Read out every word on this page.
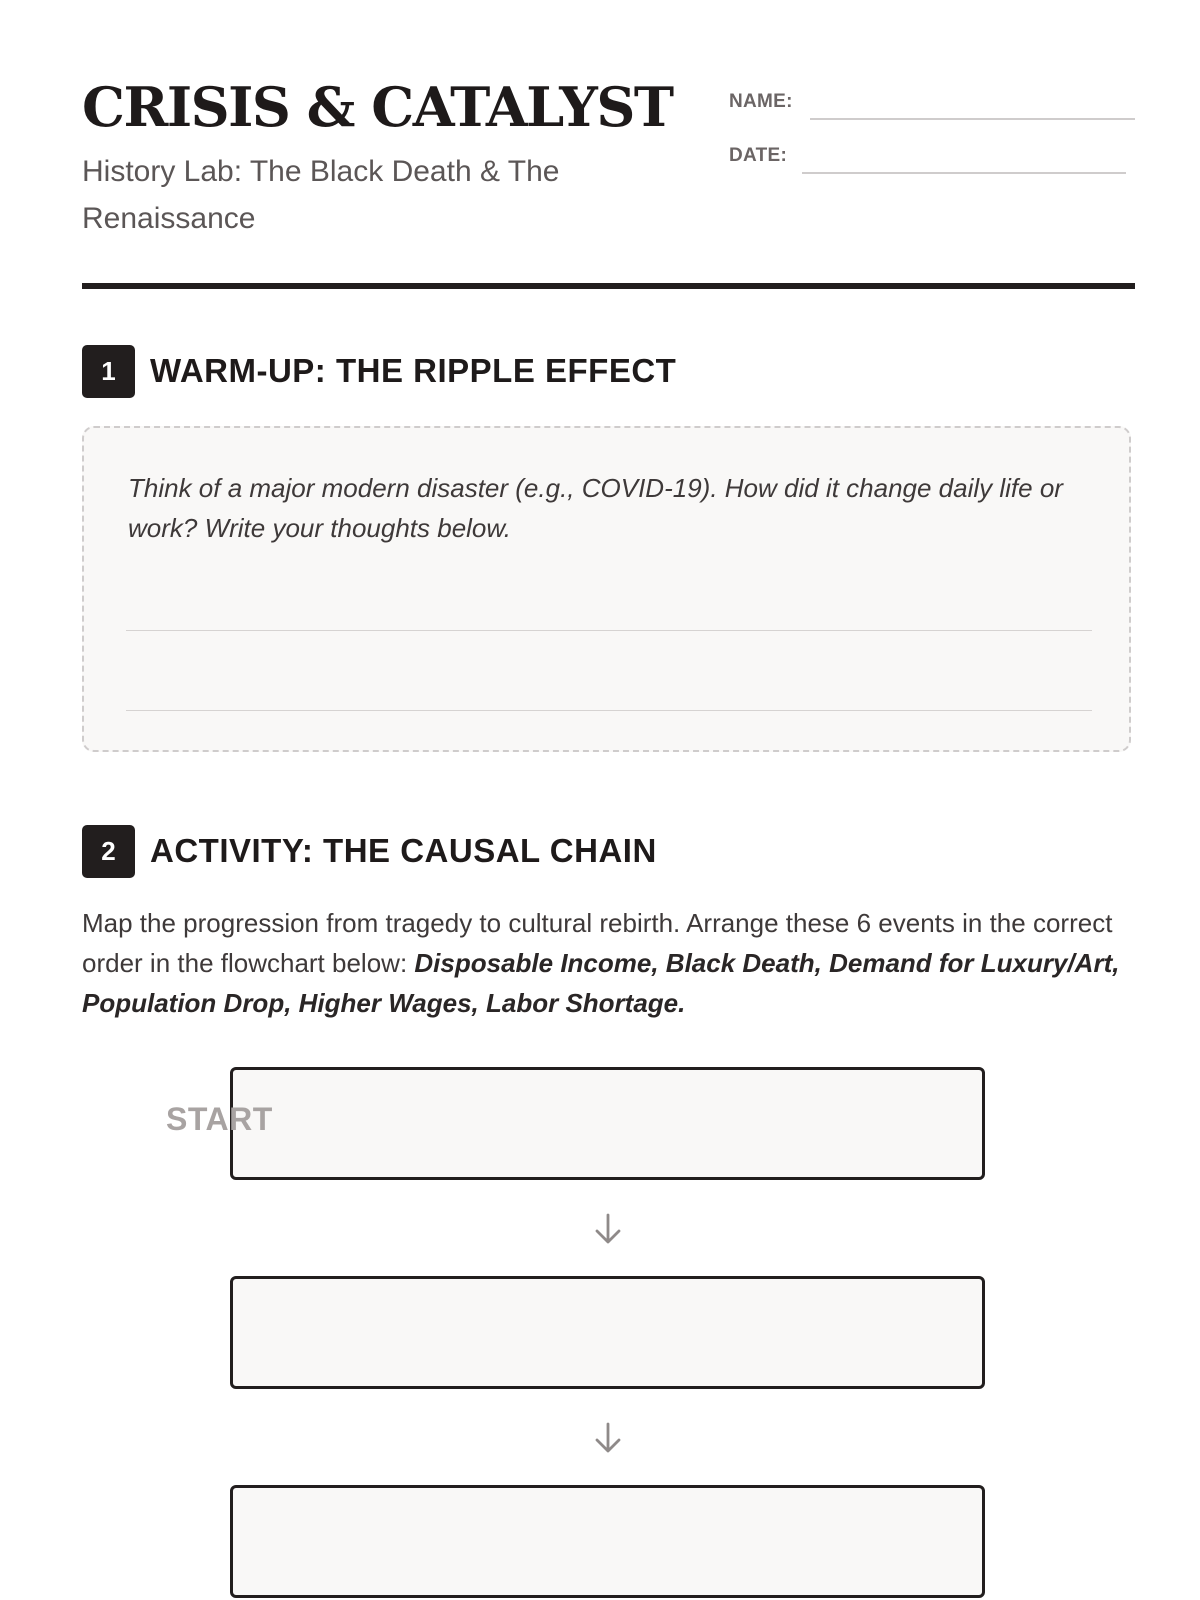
CRISIS & CATALYST

History Lab: The Black Death & The Renaissance

NAME:
DATE:
1	WARM-UP: THE RIPPLE EFFECT

Think of a major modern disaster (e.g., COVID-19). How did it change daily life or work? Write your thoughts below.

2	ACTIVITY: THE CAUSAL CHAIN

Map the progression from tragedy to cultural rebirth. Arrange these 6 events in the correct order in the flowchart below: Disposable Income, Black Death, Demand for Luxury/Art, Population Drop, Higher Wages, Labor Shortage.

START
